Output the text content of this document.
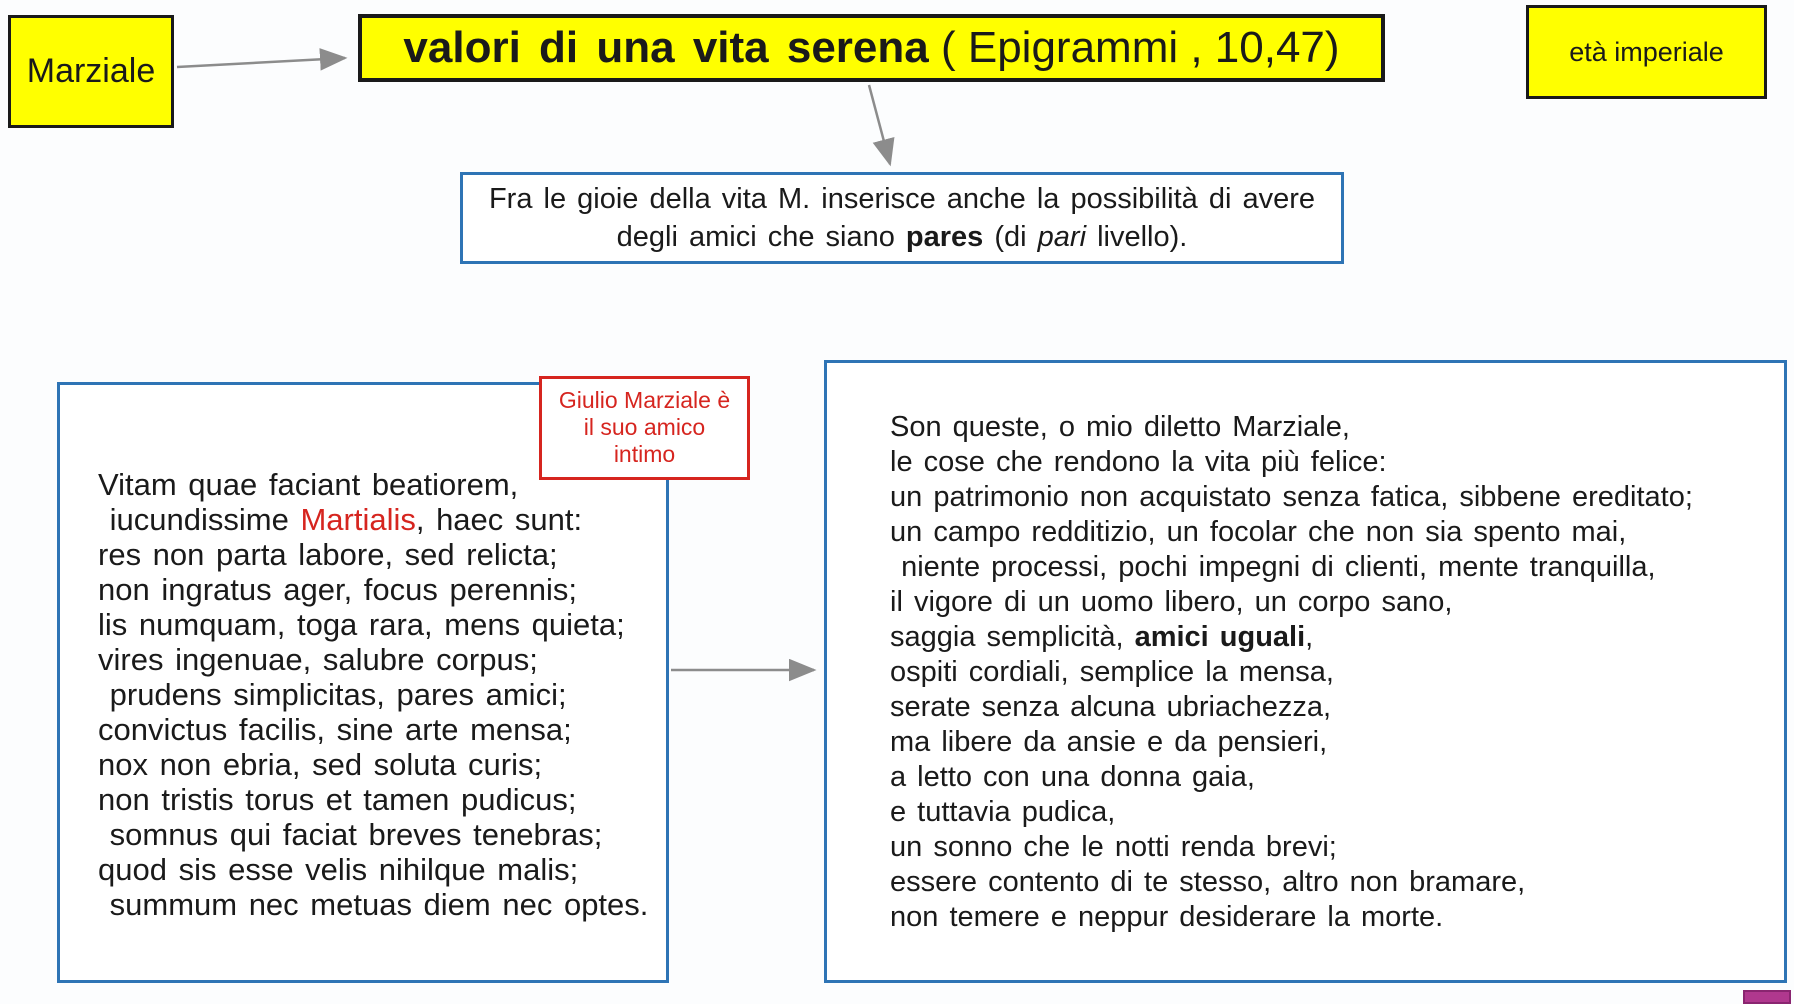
Marziale	valori di una vita serena ( Epigrammi , 10,47)	età imperiale
Fra le gioie della vita M. inserisce anche la possibilità di avere
degli amici che siano pares (di pari livello).
Vitam quae faciant beatiorem,
iucundissime Martialis, haec sunt:
res non parta labore, sed relicta;
non ingratus ager, focus perennis;
lis numquam, toga rara, mens quieta;
vires ingenuae, salubre corpus;
prudens simplicitas, pares amici;
convictus facilis, sine arte mensa;
nox non ebria, sed soluta curis;
non tristis torus et tamen pudicus;
somnus qui faciat breves tenebras;
quod sis esse velis nihilque malis;
summum nec metuas diem nec optes.
Giulio Marziale è
il suo amico
intimo
Son queste, o mio diletto Marziale,
le cose che rendono la vita più felice:
un patrimonio non acquistato senza fatica, sibbene ereditato;
un campo redditizio, un focolar che non sia spento mai,
niente processi, pochi impegni di clienti, mente tranquilla,
il vigore di un uomo libero, un corpo sano,
saggia semplicità, amici uguali,
ospiti cordiali, semplice la mensa,
serate senza alcuna ubriachezza,
ma libere da ansie e da pensieri,
a letto con una donna gaia,
e tuttavia pudica,
un sonno che le notti renda brevi;
essere contento di te stesso, altro non bramare,
non temere e neppur desiderare la morte.
